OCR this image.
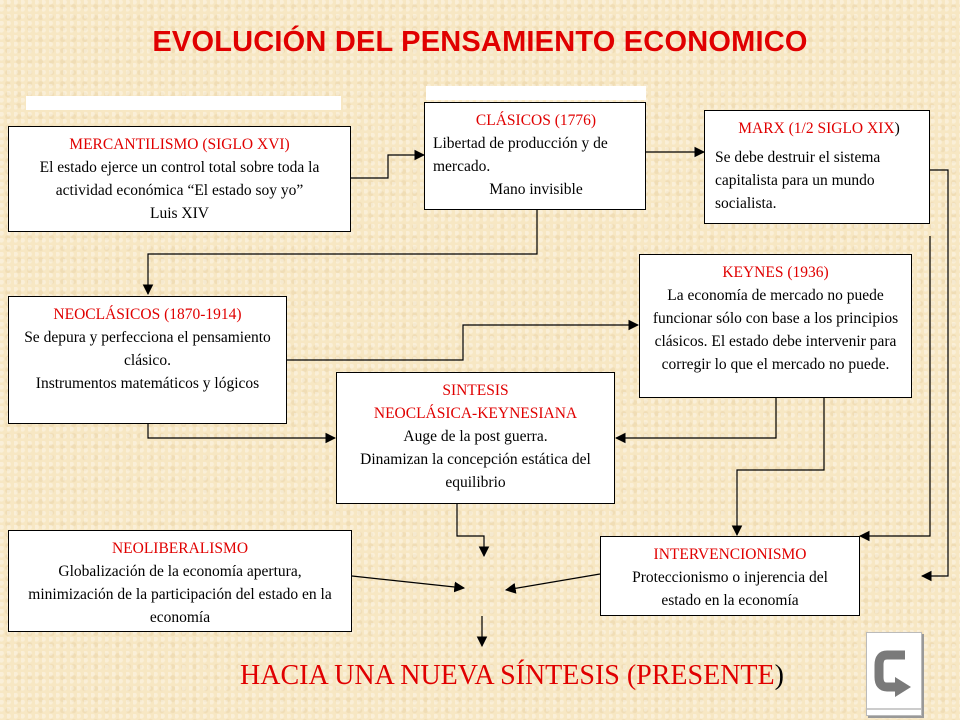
EVOLUCIÓN DEL PENSAMIENTO ECONOMICO
MERCANTILISMO (SIGLO XVI)

El estado ejerce un control total sobre toda la actividad económica “El estado soy yo”

Luis XIV

CLÁSICOS (1776)

Libertad de producción y de mercado.

Mano invisible

MARX (1/2 SIGLO XIX)

Se debe destruir el sistema capitalista para un mundo socialista.

KEYNES (1936)

La economía de mercado no puede funcionar sólo con base a los principios clásicos. El estado debe intervenir para corregir lo que el mercado no puede.

NEOCLÁSICOS (1870-1914)

Se depura y perfecciona el pensamiento clásico.

Instrumentos matemáticos y lógicos	SINTESIS
NEOCLÁSICA-KEYNESIANA

Auge de la post guerra.

Dinamizan la concepción estática del equilibrio

NEOLIBERALISMO

Globalización de la economía apertura, minimización de la participación del estado en la economía

INTERVENCIONISMO

Proteccionismo o injerencia del estado en la economía

HACIA UNA NUEVA SÍNTESIS (PRESENTE)
